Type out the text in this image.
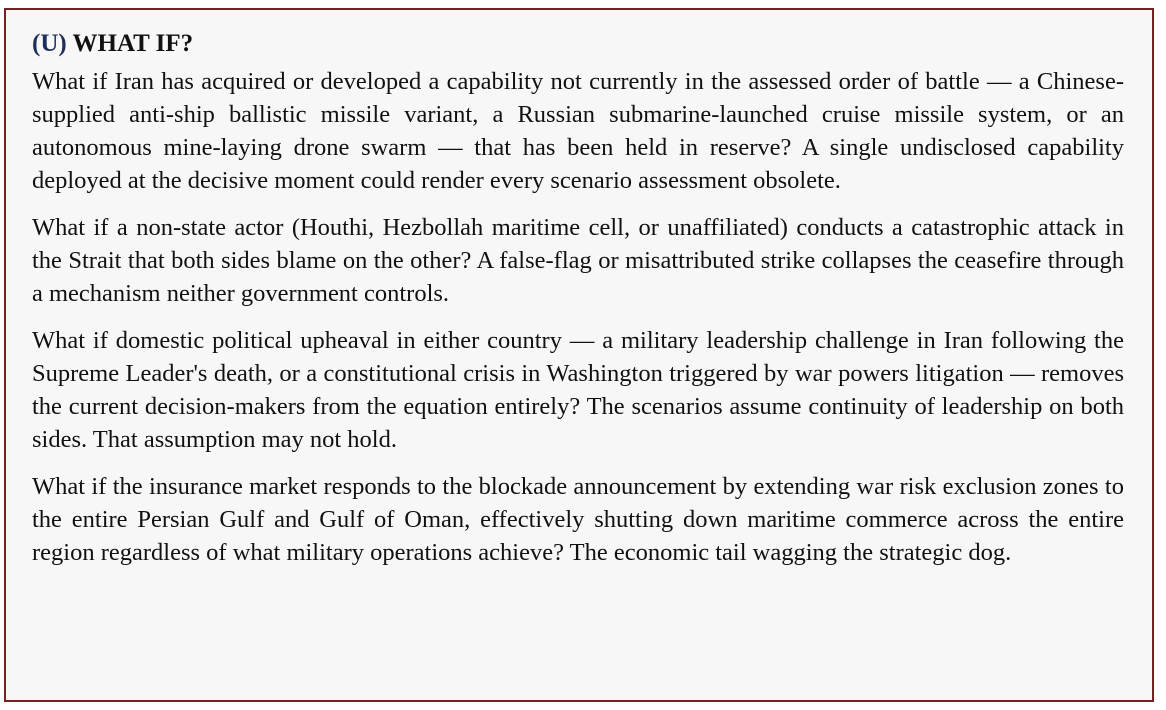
(U) WHAT IF?

What if Iran has acquired or developed a capability not currently in the assessed order of battle — a Chinese-supplied anti-ship ballistic missile variant, a Russian submarine-launched cruise missile system, or an autonomous mine-laying drone swarm — that has been held in reserve? A single undisclosed capability deployed at the decisive moment could render every scenario assessment obsolete.

What if a non-state actor (Houthi, Hezbollah maritime cell, or unaffiliated) conducts a catastrophic attack in the Strait that both sides blame on the other? A false-flag or misattributed strike collapses the ceasefire through a mechanism neither government controls.

What if domestic political upheaval in either country — a military leadership challenge in Iran following the Supreme Leader's death, or a constitutional crisis in Washington triggered by war powers litigation — removes the current decision-makers from the equation entirely? The scenarios assume continuity of leadership on both sides. That assumption may not hold.

What if the insurance market responds to the blockade announcement by extending war risk exclusion zones to the entire Persian Gulf and Gulf of Oman, effectively shutting down maritime commerce across the entire region regardless of what military operations achieve? The economic tail wagging the strategic dog.
